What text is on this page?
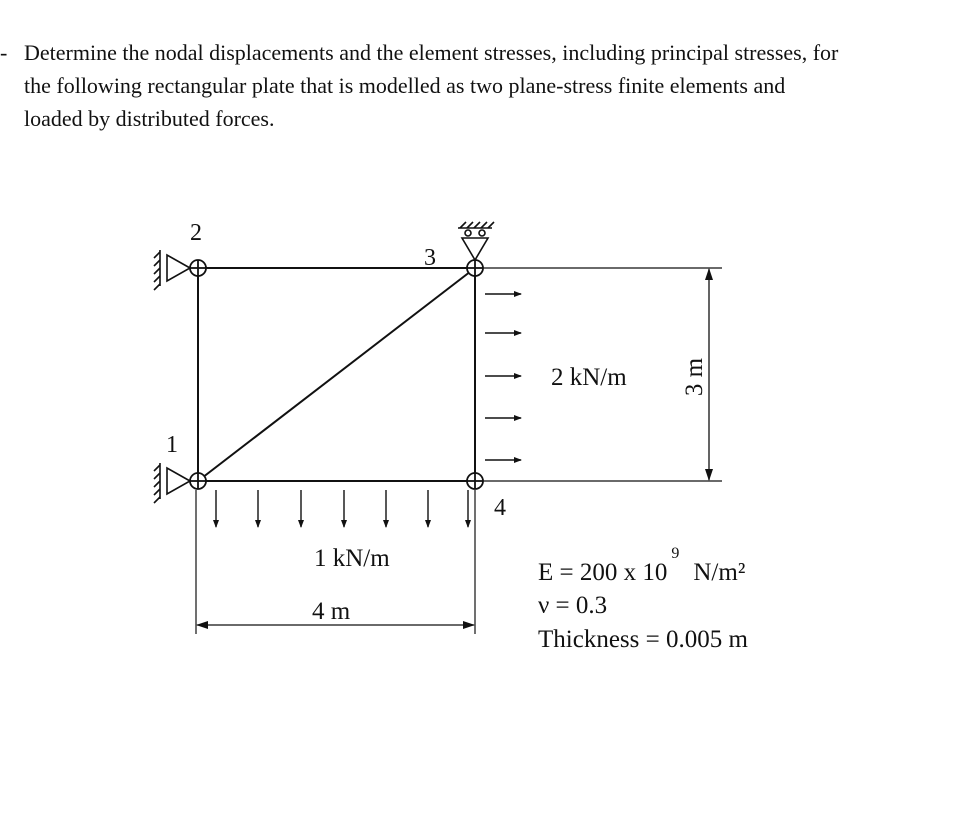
- Determine the nodal displacements and the element stresses, including principal stresses, for
the following rectangular plate that is modelled as two plane-stress finite elements and
loaded by distributed forces.
2
1
3
4
1 kN/m
2 kN/m
4 m
3 m
E = 200 x $10^9N/m^2$
ν = 0.3
Thickness = 0.005 m
